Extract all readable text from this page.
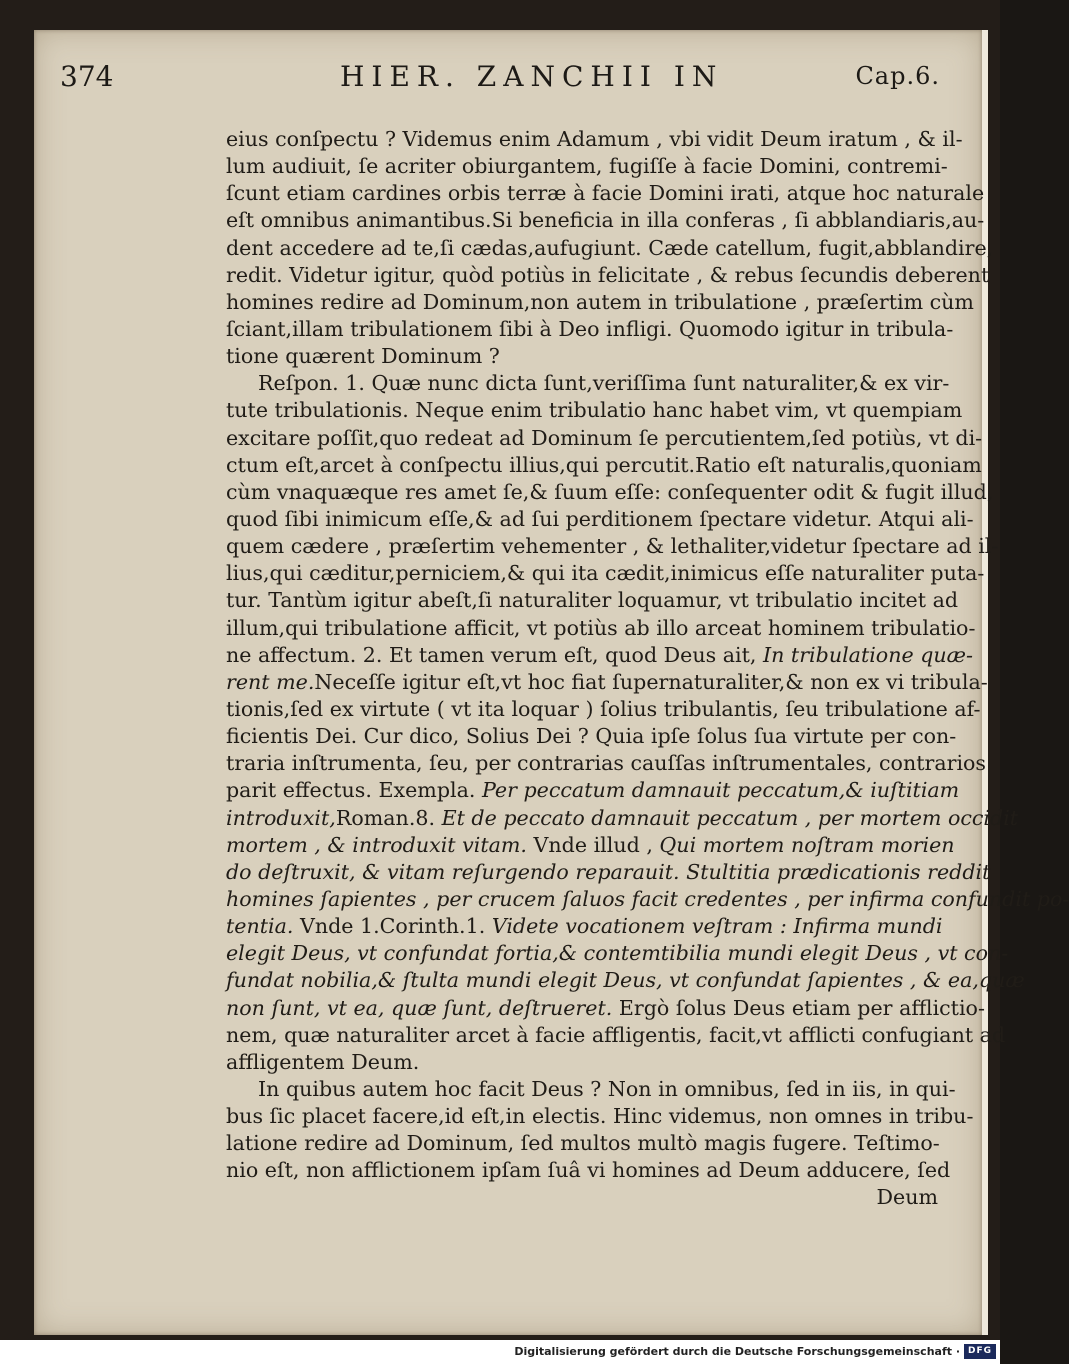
374	HIER. ZANCHII IN	Cap.6.
eius conſpectu ? Videmus enim Adamum , vbi vidit Deum iratum , & il-
lum audiuit, ſe acriter obiurgantem, fugiſſe à facie Domini, contremi-
ſcunt etiam cardines orbis terræ à facie Domini irati, atque hoc naturale
eſt omnibus animantibus.Si beneficia in illa conferas , ſi abblandiaris,au-
dent accedere ad te,ſi cædas,aufugiunt. Cæde catellum, fugit,abblandire,
redit. Videtur igitur, quòd potiùs in felicitate , & rebus ſecundis deberent
homines redire ad Dominum,non autem in tribulatione , præſertim cùm
ſciant,illam tribulationem ſibi à Deo infligi. Quomodo igitur in tribula-
tione quærent Dominum ?
Reſpon. 1. Quæ nunc dicta ſunt,veriſſima ſunt naturaliter,& ex vir-
tute tribulationis. Neque enim tribulatio hanc habet vim, vt quempiam
excitare poſſit,quo redeat ad Dominum ſe percutientem,ſed potiùs, vt di-
ctum eſt,arcet à conſpectu illius,qui percutit.Ratio eſt naturalis,quoniam
cùm vnaquæque res amet ſe,& ſuum eſſe: conſequenter odit & fugit illud,
quod ſibi inimicum eſſe,& ad ſui perditionem ſpectare videtur. Atqui ali-
quem cædere , præſertim vehementer , & lethaliter,videtur ſpectare ad il-
lius,qui cæditur,perniciem,& qui ita cædit,inimicus eſſe naturaliter puta-
tur. Tantùm igitur abeſt,ſi naturaliter loquamur, vt tribulatio incitet ad
illum,qui tribulatione afficit, vt potiùs ab illo arceat hominem tribulatio-
ne affectum. 2. Et tamen verum eſt, quod Deus ait, In tribulatione quæ-
rent me.Neceſſe igitur eſt,vt hoc fiat ſupernaturaliter,& non ex vi tribula-
tionis,ſed ex virtute ( vt ita loquar ) ſolius tribulantis, ſeu tribulatione af-
ficientis Dei. Cur dico, Solius Dei ? Quia ipſe ſolus ſua virtute per con-
traria inſtrumenta, ſeu, per contrarias cauſſas inſtrumentales, contrarios
parit effectus. Exempla. Per peccatum damnauit peccatum,& iuſtitiam
introduxit,Roman.8. Et de peccato damnauit peccatum , per mortem occidit
mortem , & introduxit vitam. Vnde illud , Qui mortem noſtram morien
do deſtruxit, & vitam reſurgendo reparauit. Stultitia prædicationis reddit
homines ſapientes , per crucem ſaluos facit credentes , per infirma confundit po-
tentia. Vnde 1.Corinth.1. Videte vocationem veſtram : Infirma mundi
elegit Deus, vt confundat fortia,& contemtibilia mundi elegit Deus , vt con-
fundat nobilia,& ſtulta mundi elegit Deus, vt confundat ſapientes , & ea,quæ
non ſunt, vt ea, quæ ſunt, deſtrueret. Ergò ſolus Deus etiam per afflictio-
nem, quæ naturaliter arcet à facie affligentis, facit,vt afflicti confugiant ad
affligentem Deum.
In quibus autem hoc facit Deus ? Non in omnibus, ſed in iis, in qui-
bus ſic placet facere,id eſt,in electis. Hinc videmus, non omnes in tribu-
latione redire ad Dominum, ſed multos multò magis fugere. Teſtimo-
nio eſt, non afflictionem ipſam ſuâ vi homines ad Deum adducere, ſed
Deum
Digitalisierung gefördert durch die Deutsche Forschungsgemeinschaft · DFG
